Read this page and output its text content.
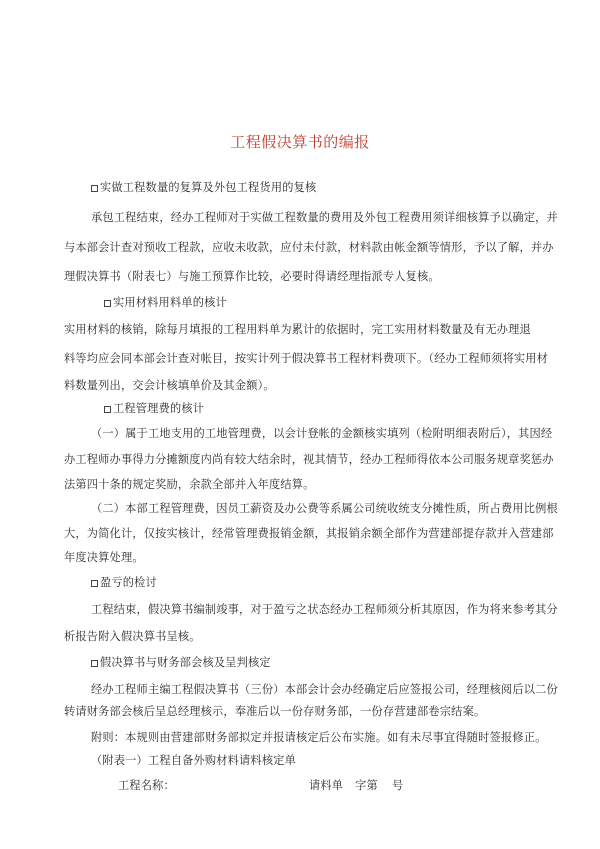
工程假决算书的编报
实做工程数量的复算及外包工程货用的复核
承包工程结束，经办工程师对于实做工程数量的费用及外包工程费用须详细核算予以确定，并
与本部会计查对预收工程款，应收未收款，应付未付款，材料款由帐金额等情形，予以了解，并办
理假决算书（附表七）与施工预算作比较，必要时得请经理指派专人复核。
实用材料用料单的核计
实用材料的核销，除每月填报的工程用料单为累计的依据时，完工实用材料数量及有无办理退
料等均应会同本部会计查对帐目，按实计列于假决算书工程材料费项下。（经办工程师须将实用材
料数量列出，交会计核填单价及其金额）。
工程管理费的核计
（一）属于工地支用的工地管理费，以会计登帐的金额核实填列（检附明细表附后），其因经
办工程师办事得力分摊额度内尚有较大结余时，视其情节，经办工程师得依本公司服务规章奖惩办
法第四十条的规定奖励，余款全部并入年度结算。
（二）本部工程管理费，因员工薪资及办公费等系属公司统收统支分摊性质，所占费用比例根
大，为简化计，仅按实核计，经常管理费报销金额，其报销余额全部作为营建部提存款并入营建部
年度决算处理。
盈亏的检讨
工程结束，假决算书编制竣事，对于盈亏之状态经办工程师须分析其原因，作为将来参考其分
析报告附入假决算书呈核。
假决算书与财务部会核及呈判核定
经办工程师主编工程假决算书（三份）本部会计会办经确定后应签报公司，经理核阅后以二份
转请财务部会核后呈总经理核示，奉准后以一份存财务部，一份存营建部卷宗结案。
附则：本规则由营建部财务部拟定并报请核定后公布实施。如有未尽事宜得随时签报修正。
（附表一）工程自备外购材料请料核定单
工程名称：	请料单 字第 号
